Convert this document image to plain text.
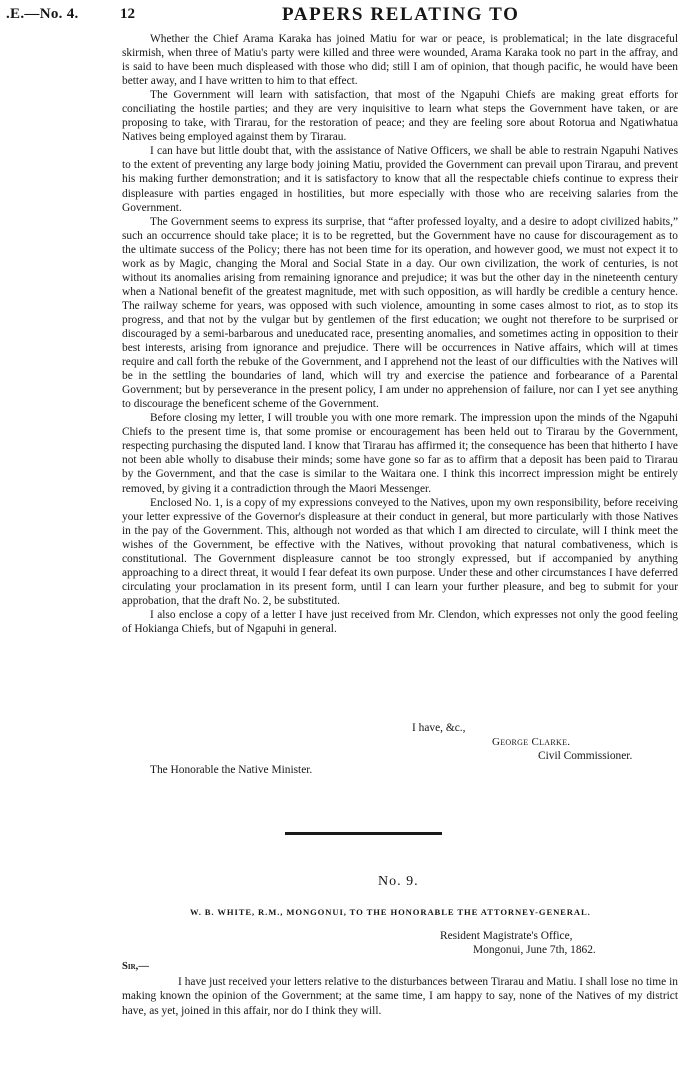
.E.—No. 4.	12	PAPERS RELATING TO

Whether the Chief Arama Karaka has joined Matiu for war or peace, is problematical; in the late disgraceful skirmish, when three of Matiu's party were killed and three were wounded, Arama Karaka took no part in the affray, and is said to have been much displeased with those who did; still I am of opinion, that though pacific, he would have been better away, and I have written to him to that effect.

The Government will learn with satisfaction, that most of the Ngapuhi Chiefs are making great efforts for conciliating the hostile parties; and they are very inquisitive to learn what steps the Government have taken, or are proposing to take, with Tirarau, for the restoration of peace; and they are feeling sore about Rotorua and Ngatiwhatua Natives being employed against them by Tirarau.

I can have but little doubt that, with the assistance of Native Officers, we shall be able to restrain Ngapuhi Natives to the extent of preventing any large body joining Matiu, provided the Government can prevail upon Tirarau, and prevent his making further demonstration; and it is satisfactory to know that all the respectable chiefs continue to express their displeasure with parties engaged in hostilities, but more especially with those who are receiving salaries from the Government.

The Government seems to express its surprise, that “after professed loyalty, and a desire to adopt civilized habits,” such an occurrence should take place; it is to be regretted, but the Government have no cause for discouragement as to the ultimate success of the Policy; there has not been time for its operation, and however good, we must not expect it to work as by Magic, changing the Moral and Social State in a day. Our own civilization, the work of centuries, is not without its anomalies arising from remaining ignorance and prejudice; it was but the other day in the nineteenth century when a National benefit of the greatest magnitude, met with such opposition, as will hardly be credible a century hence. The railway scheme for years, was opposed with such violence, amounting in some cases almost to riot, as to stop its progress, and that not by the vulgar but by gentlemen of the first education; we ought not therefore to be surprised or discouraged by a semi-barbarous and uneducated race, presenting anomalies, and sometimes acting in opposition to their best interests, arising from ignorance and prejudice. There will be occurrences in Native affairs, which will at times require and call forth the rebuke of the Government, and I apprehend not the least of our difficulties with the Natives will be in the settling the boundaries of land, which will try and exercise the patience and forbearance of a Parental Government; but by perseverance in the present policy, I am under no apprehension of failure, nor can I yet see anything to discourage the beneficent scheme of the Government.

Before closing my letter, I will trouble you with one more remark. The impression upon the minds of the Ngapuhi Chiefs to the present time is, that some promise or encouragement has been held out to Tirarau by the Government, respecting purchasing the disputed land. I know that Tirarau has affirmed it; the consequence has been that hitherto I have not been able wholly to disabuse their minds; some have gone so far as to affirm that a deposit has been paid to Tirarau by the Government, and that the case is similar to the Waitara one. I think this incorrect impression might be entirely removed, by giving it a contradiction through the Maori Messenger.

Enclosed No. 1, is a copy of my expressions conveyed to the Natives, upon my own responsibility, before receiving your letter expressive of the Governor's displeasure at their conduct in general, but more particularly with those Natives in the pay of the Government. This, although not worded as that which I am directed to circulate, will I think meet the wishes of the Government, be effective with the Natives, without provoking that natural combativeness, which is constitutional. The Government displeasure cannot be too strongly expressed, but if accompanied by anything approaching to a direct threat, it would I fear defeat its own purpose. Under these and other circumstances I have deferred circulating your proclamation in its present form, until I can learn your further pleasure, and beg to submit for your approbation, that the draft No. 2, be substituted.

I also enclose a copy of a letter I have just received from Mr. Clendon, which expresses not only the good feeling of Hokianga Chiefs, but of Ngapuhi in general.

I have, &c.,
George Clarke.
Civil Commissioner.
The Honorable the Native Minister.
No. 9.
W. B. WHITE, R.M., MONGONUI, TO THE HONORABLE THE ATTORNEY-GENERAL.
Resident Magistrate's Office,
Mongonui, June 7th, 1862.
Sir,—

I have just received your letters relative to the disturbances between Tirarau and Matiu. I shall lose no time in making known the opinion of the Government; at the same time, I am happy to say, none of the Natives of my district have, as yet, joined in this affair, nor do I think they will.
